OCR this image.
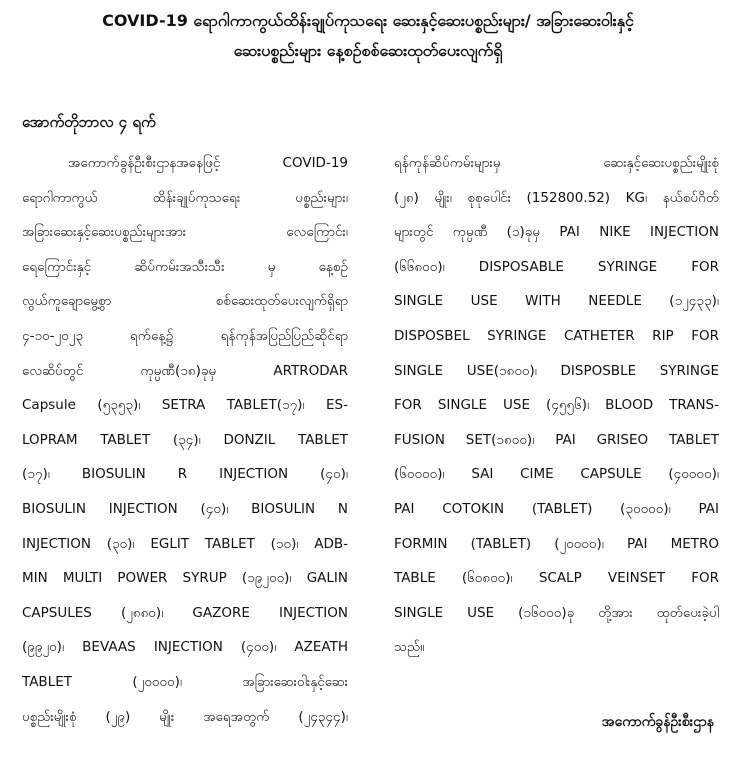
COVID-19 ရောဂါကာကွယ်ထိန်းချုပ်ကုသရေး ဆေးနှင့်ဆေးပစ္စည်းများ/ အခြားဆေးဝါးနှင့်
ဆေးပစ္စည်းများ နေ့စဉ်စစ်ဆေးထုတ်ပေးလျက်ရှိ
အောက်တိုဘာလ ၄ ရက်
အကောက်ခွန်ဦးစီးဌာနအနေဖြင့် COVID-19
ရောဂါကာကွယ် ထိန်းချုပ်ကုသရေး ပစ္စည်းများ၊
အခြားဆေးနှင့်ဆေးပစ္စည်းများအား လေကြောင်း၊
ရေကြောင်းနှင့် ဆိပ်ကမ်းအသီးသီး မှ နေ့စဉ်
လွယ်ကူချောမွေ့စွာ စစ်ဆေးထုတ်ပေးလျက်ရှိရာ
၄-၁၀-၂၀၂၃ ရက်နေ့၌ ရန်ကုန်အပြည်ပြည်ဆိုင်ရာ
လေဆိပ်တွင် ကုမ္ပဏီ(၁၈)ခုမှ ARTRODAR
Capsule (၅၃၅၃)၊ SETRA TABLET(၁၇)၊ ES-
LOPRAM TABLET (၃၄)၊ DONZIL TABLET
(၁၇)၊ BIOSULIN R INJECTION (၄၀)၊
BIOSULIN INJECTION (၄၀)၊ BIOSULIN N
INJECTION (၃၀)၊ EGLIT TABLET (၁၀)၊ ADB-
MIN MULTI POWER SYRUP (၁၉၂၀၀)၊ GALIN
CAPSULES (၂၈၈၀)၊ GAZORE INJECTION
(၉၉၂၀)၊ BEVAAS INJECTION (၄၀၀)၊ AZEATH
TABLET (၂၀၀၀၀)၊ အခြားဆေးဝါးနှင့်ဆေး
ပစ္စည်းမျိုးစုံ (၂၉) မျိုး အရေအတွက် (၂၄၃၄၄)၊
ရန်ကုန်ဆိပ်ကမ်းများမှ ဆေးနှင့်ဆေးပစ္စည်းမျိုးစုံ
(၂၈) မျိုး၊ စုစုပေါင်း (152800.52) KG၊ နယ်စပ်ဂိတ်
များတွင် ကုမ္ပဏီ (၁)ခုမှ PAI NIKE INJECTION
(၆၆၈၀၀)၊ DISPOSABLE SYRINGE FOR
SINGLE USE WITH NEEDLE (၁၂၄၃၃)၊
DISPOSBEL SYRINGE CATHETER RIP FOR
SINGLE USE(၁၈၀၀)၊ DISPOSBLE SYRINGE
FOR SINGLE USE (၄၅၅၆)၊ BLOOD TRANS-
FUSION SET(၁၈၀၀)၊ PAI GRISEO TABLET
(၆၀၀၀၀)၊ SAI CIME CAPSULE (၄၀၀၀၀)၊
PAI COTOKIN (TABLET) (၃၀၀၀၀)၊ PAI
FORMIN (TABLET) (၂၀၀၀၀)၊ PAI METRO
TABLE (၆၀၈၀၀)၊ SCALP VEINSET FOR
SINGLE USE (၁၆၀၀၀)ခု တို့အား ထုတ်ပေးခဲ့ပါ
သည်။
အကောက်ခွန်ဦးစီးဌာန
